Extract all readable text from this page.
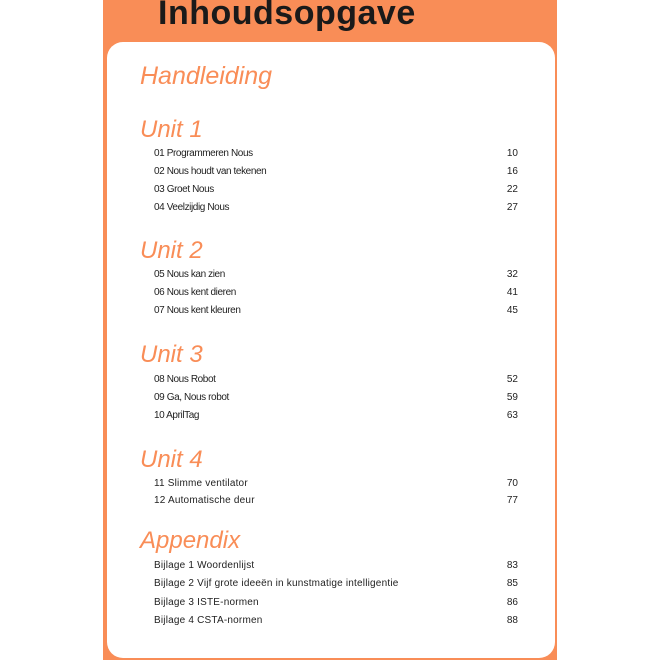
Inhoudsopgave
Handleiding
Unit 1
01 Programmeren Nous	10
02 Nous houdt van tekenen	16
03 Groet Nous	22
04 Veelzijdig Nous	27
Unit 2
05 Nous kan zien	32
06 Nous kent dieren	41
07 Nous kent kleuren	45
Unit 3
08 Nous Robot	52
09 Ga, Nous robot	59
10 AprilTag	63
Unit 4
11 Slimme ventilator	70
12 Automatische deur	77
Appendix
Bijlage 1 Woordenlijst	83
Bijlage 2 Vijf grote ideeën in kunstmatige intelligentie	85
Bijlage 3 ISTE-normen	86
Bijlage 4 CSTA-normen	88
